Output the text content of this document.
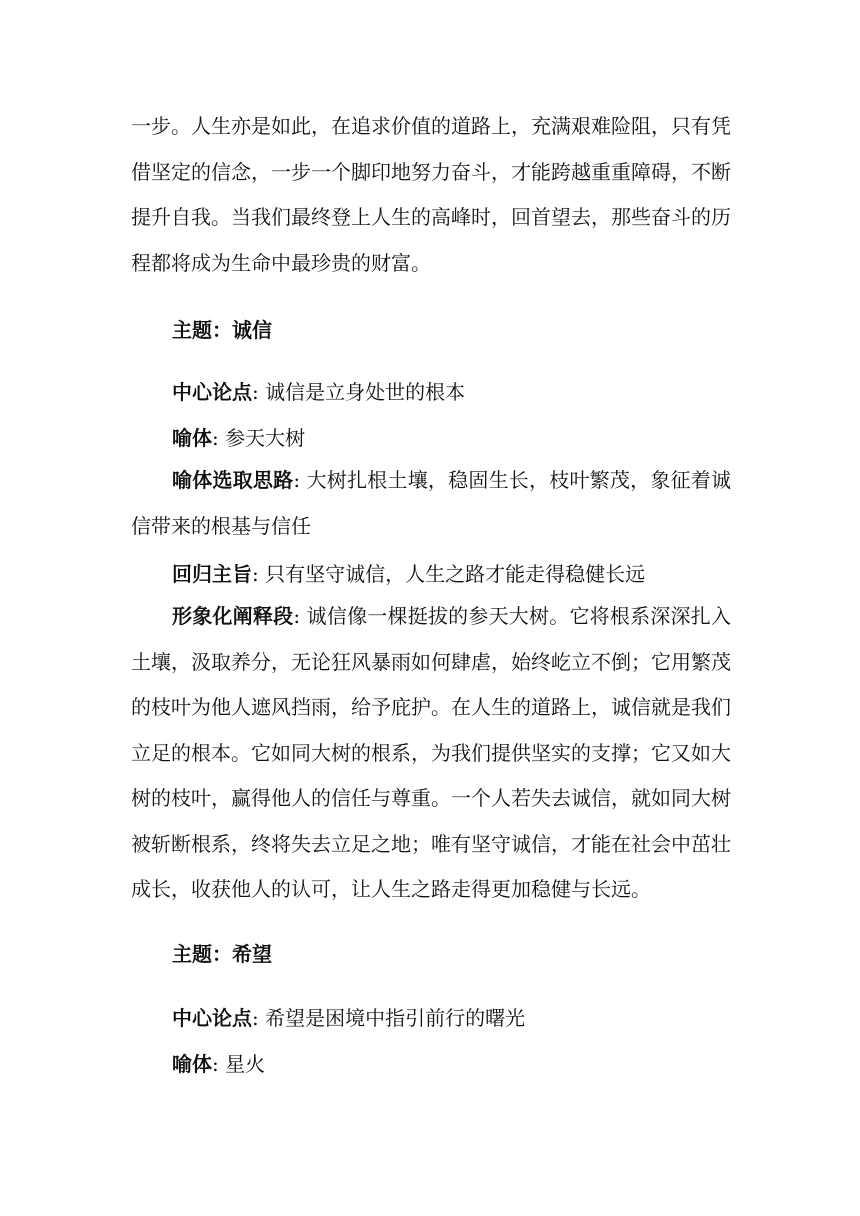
一步。人生亦是如此，在追求价值的道路上，充满艰难险阻，只有凭借坚定的信念，一步一个脚印地努力奋斗，才能跨越重重障碍，不断提升自我。当我们最终登上人生的高峰时，回首望去，那些奋斗的历程都将成为生命中最珍贵的财富。

主题：诚信

中心论点: 诚信是立身处世的根本

喻体: 参天大树

喻体选取思路: 大树扎根土壤，稳固生长，枝叶繁茂，象征着诚信带来的根基与信任

回归主旨: 只有坚守诚信，人生之路才能走得稳健长远

形象化阐释段: 诚信像一棵挺拔的参天大树。它将根系深深扎入土壤，汲取养分，无论狂风暴雨如何肆虐，始终屹立不倒；它用繁茂的枝叶为他人遮风挡雨，给予庇护。在人生的道路上，诚信就是我们立足的根本。它如同大树的根系，为我们提供坚实的支撑；它又如大树的枝叶，赢得他人的信任与尊重。一个人若失去诚信，就如同大树被斩断根系，终将失去立足之地；唯有坚守诚信，才能在社会中茁壮成长，收获他人的认可，让人生之路走得更加稳健与长远。

主题：希望

中心论点: 希望是困境中指引前行的曙光

喻体: 星火
